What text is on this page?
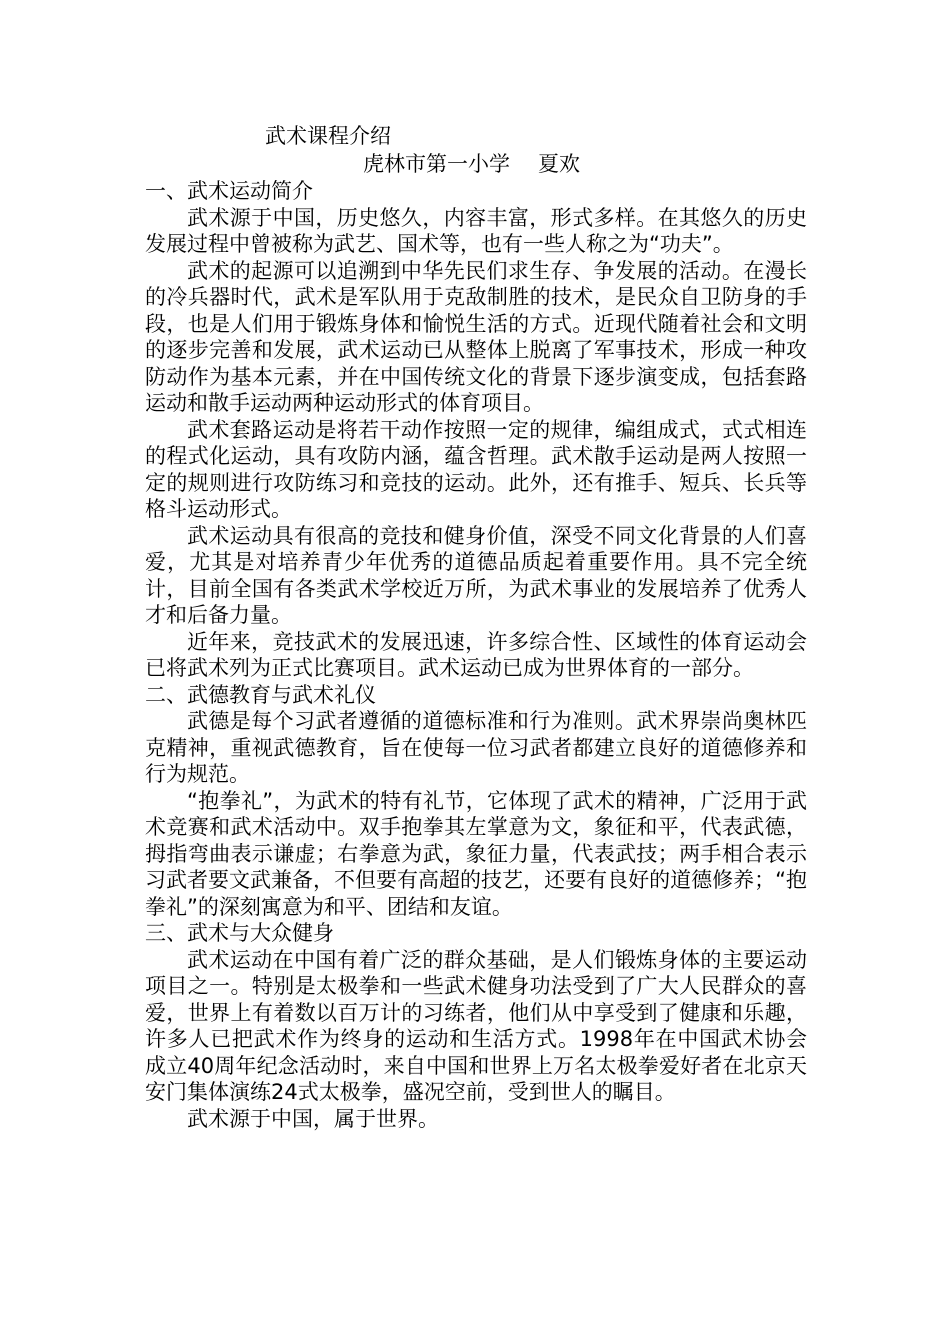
武术课程介绍
虎林市第一小学 夏欢
一、武术运动简介

武术源于中国，历史悠久，内容丰富，形式多样。在其悠久的历史发展过程中曾被称为武艺、国术等，也有一些人称之为“功夫”。

武术的起源可以追溯到中华先民们求生存、争发展的活动。在漫长的冷兵器时代，武术是军队用于克敌制胜的技术，是民众自卫防身的手段，也是人们用于锻炼身体和愉悦生活的方式。近现代随着社会和文明的逐步完善和发展，武术运动已从整体上脱离了军事技术，形成一种攻防动作为基本元素，并在中国传统文化的背景下逐步演变成，包括套路运动和散手运动两种运动形式的体育项目。

武术套路运动是将若干动作按照一定的规律，编组成式，式式相连的程式化运动，具有攻防内涵，蕴含哲理。武术散手运动是两人按照一定的规则进行攻防练习和竞技的运动。此外，还有推手、短兵、长兵等格斗运动形式。

武术运动具有很高的竞技和健身价值，深受不同文化背景的人们喜爱，尤其是对培养青少年优秀的道德品质起着重要作用。具不完全统计，目前全国有各类武术学校近万所，为武术事业的发展培养了优秀人才和后备力量。

近年来，竞技武术的发展迅速，许多综合性、区域性的体育运动会已将武术列为正式比赛项目。武术运动已成为世界体育的一部分。

二、武德教育与武术礼仪

武德是每个习武者遵循的道德标准和行为准则。武术界崇尚奥林匹克精神，重视武德教育，旨在使每一位习武者都建立良好的道德修养和行为规范。

“抱拳礼”，为武术的特有礼节，它体现了武术的精神，广泛用于武术竞赛和武术活动中。双手抱拳其左掌意为文，象征和平，代表武德，拇指弯曲表示谦虚；右拳意为武，象征力量，代表武技；两手相合表示习武者要文武兼备，不但要有高超的技艺，还要有良好的道德修养；“抱拳礼”的深刻寓意为和平、团结和友谊。

三、武术与大众健身

武术运动在中国有着广泛的群众基础，是人们锻炼身体的主要运动项目之一。特别是太极拳和一些武术健身功法受到了广大人民群众的喜爱，世界上有着数以百万计的习练者，他们从中享受到了健康和乐趣，许多人已把武术作为终身的运动和生活方式。1998年在中国武术协会成立40周年纪念活动时，来自中国和世界上万名太极拳爱好者在北京天安门集体演练24式太极拳，盛况空前，受到世人的瞩目。

武术源于中国，属于世界。
